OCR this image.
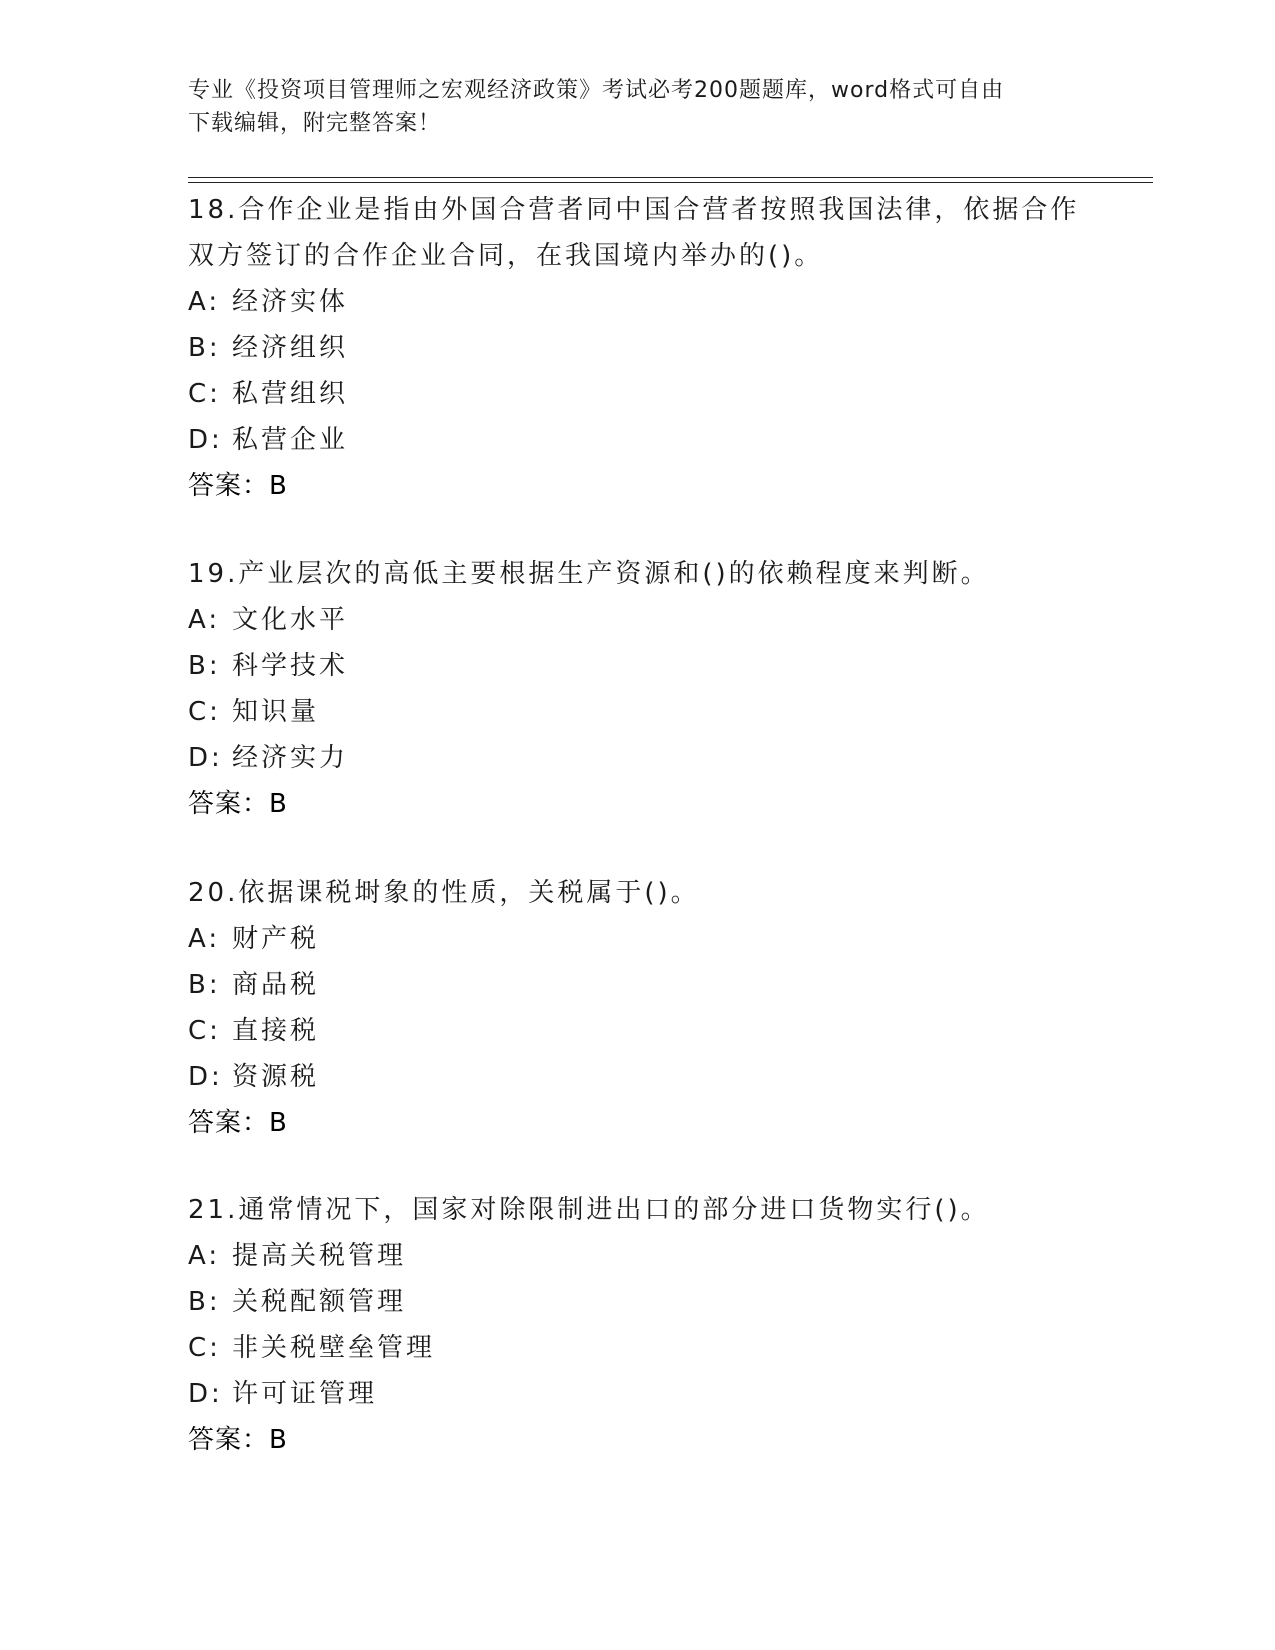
专业《投资项目管理师之宏观经济政策》考试必考200题题库，word格式可自由
下载编辑，附完整答案！
18.合作企业是指由外国合营者同中国合营者按照我国法律，依据合作
双方签订的合作企业合同，在我国境内举办的()。
A: 经济实体
B: 经济组织
C: 私营组织
D: 私营企业
答案：B
19.产业层次的高低主要根据生产资源和()的依赖程度来判断。
A: 文化水平
B: 科学技术
C: 知识量
D: 经济实力
答案：B
20.依据课税埘象的性质，关税属于()。
A: 财产税
B: 商品税
C: 直接税
D: 资源税
答案：B
21.通常情况下，国家对除限制进出口的部分进口货物实行()。
A: 提高关税管理
B: 关税配额管理
C: 非关税壁垒管理
D: 许可证管理
答案：B
